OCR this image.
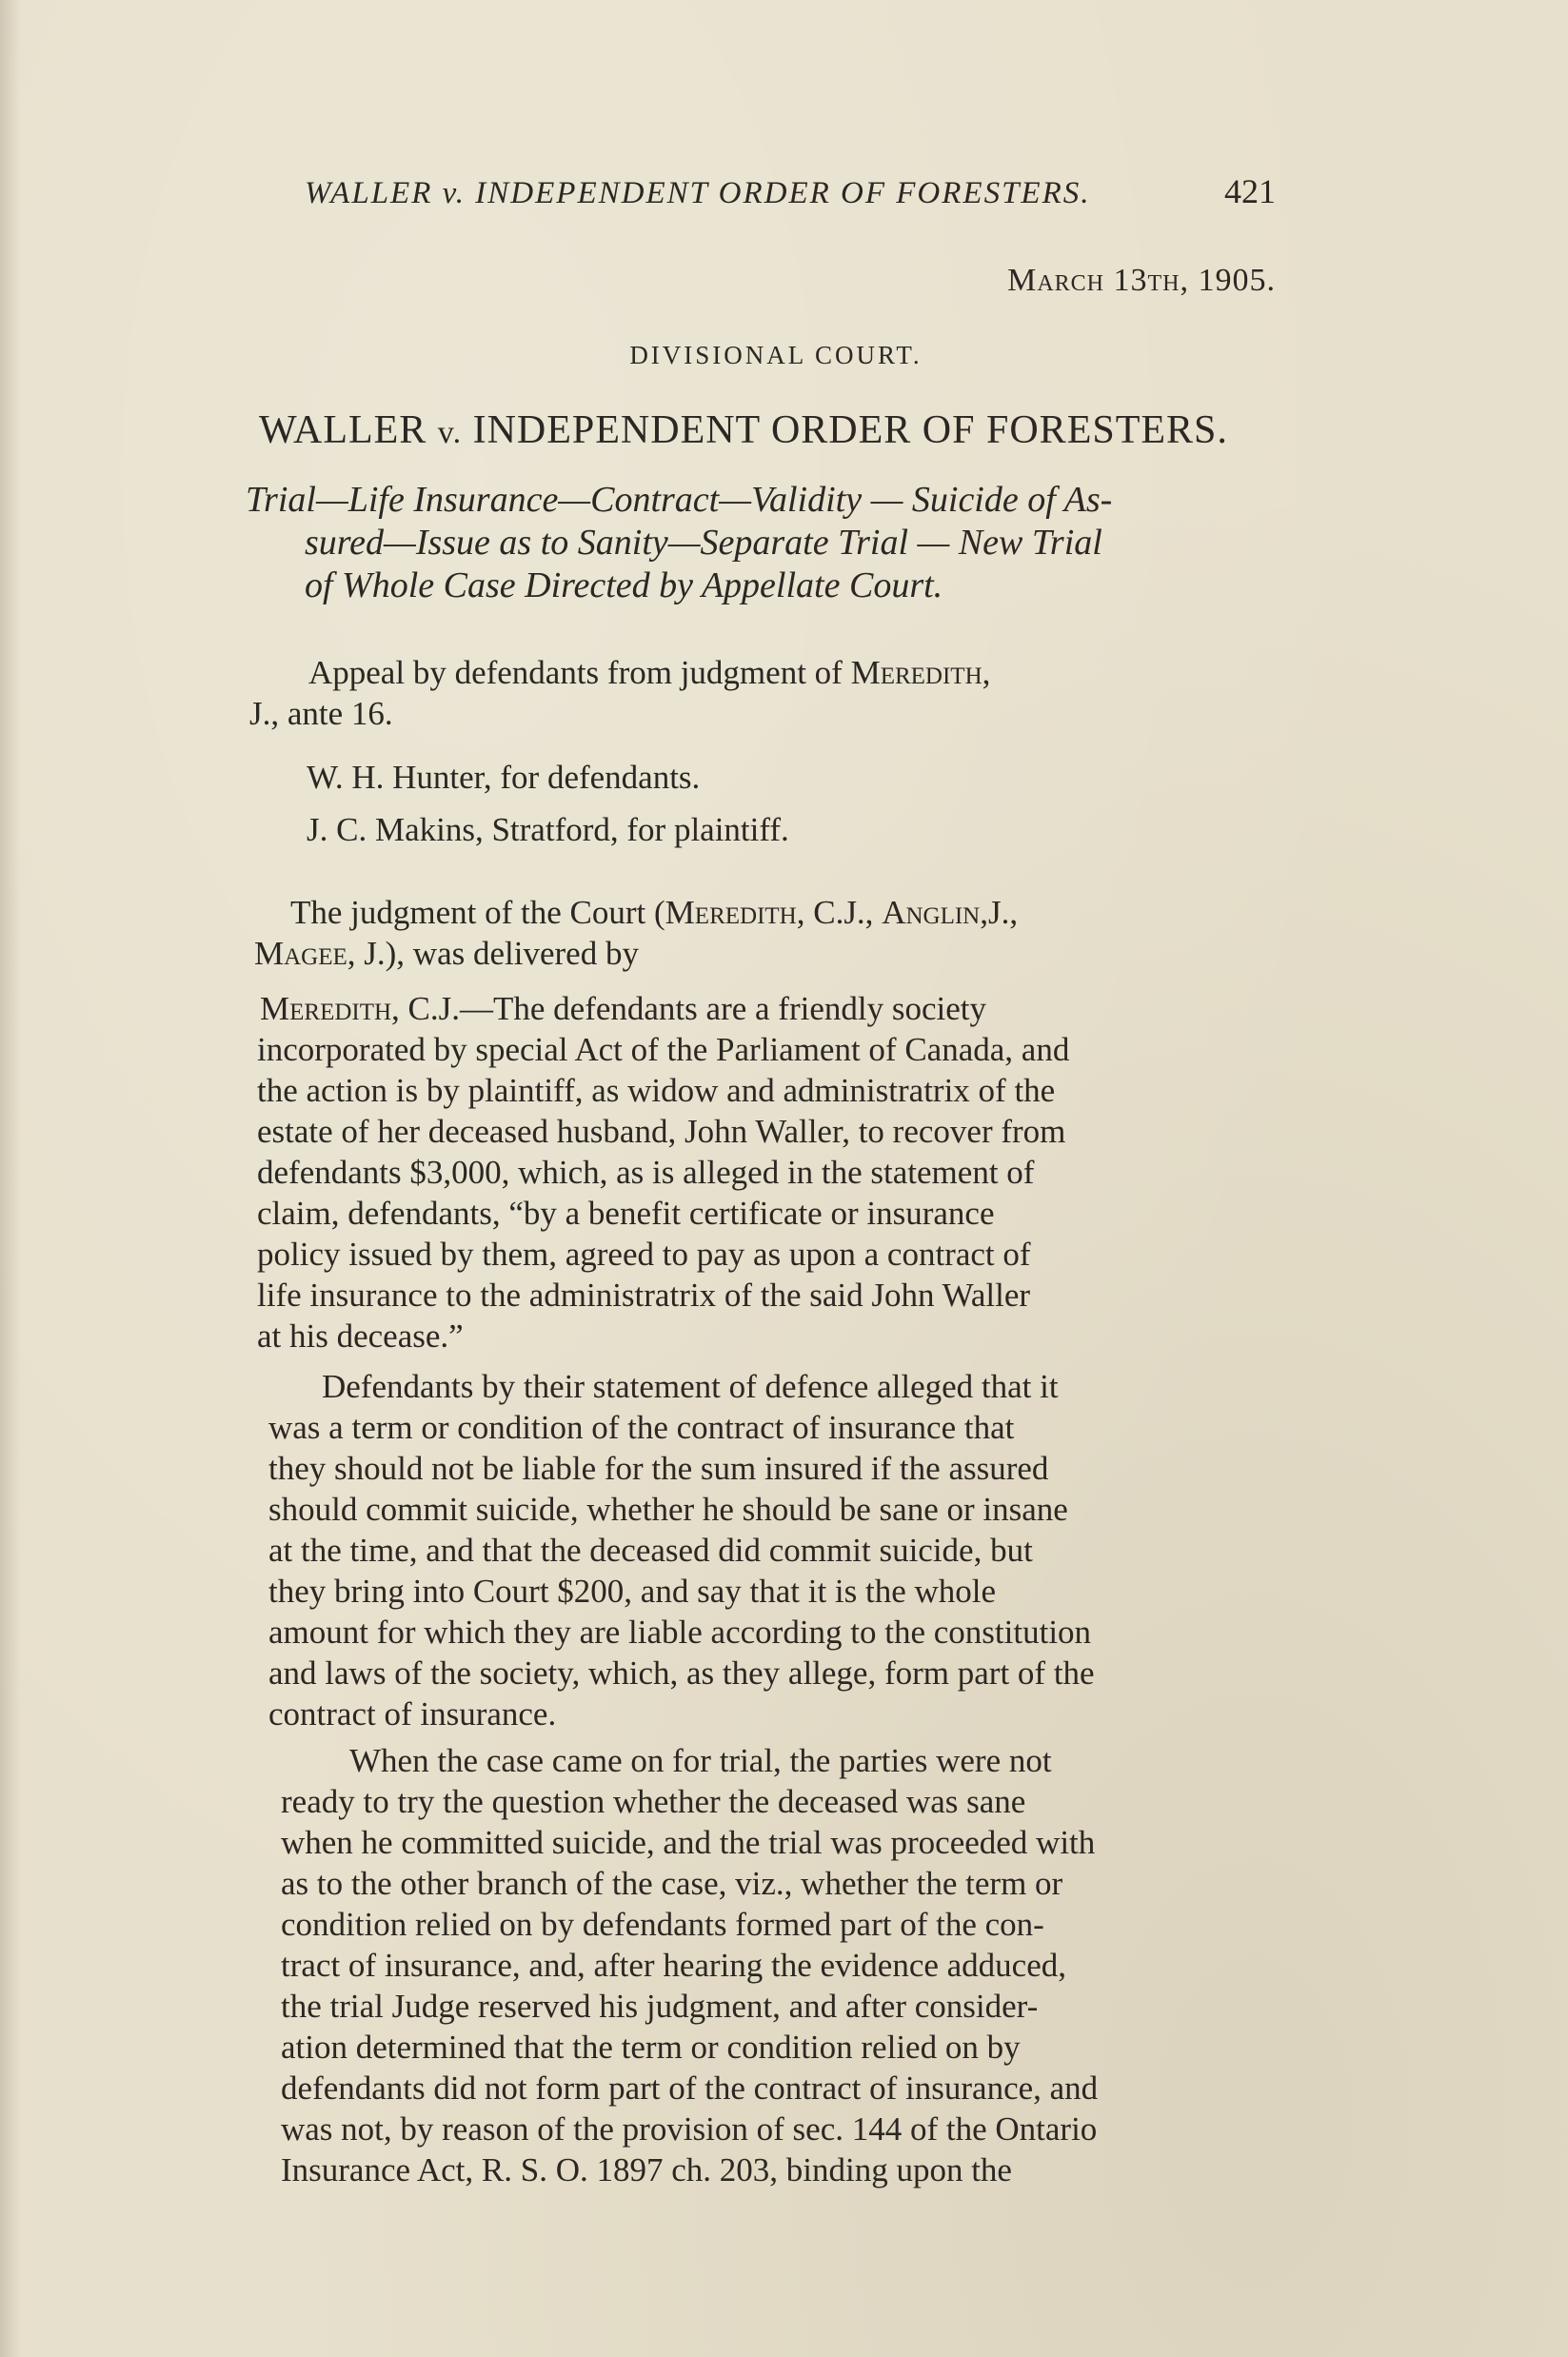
WALLER v. INDEPENDENT ORDER OF FORESTERS.	421
March 13th, 1905.
DIVISIONAL COURT.
WALLER v. INDEPENDENT ORDER OF FORESTERS.
Trial—Life Insurance—Contract—Validity — Suicide of As-
sured—Issue as to Sanity—Separate Trial — New Trial
of Whole Case Directed by Appellate Court.
Appeal by defendants from judgment of Meredith,
J., ante 16.
W. H. Hunter, for defendants.
J. C. Makins, Stratford, for plaintiff.
The judgment of the Court (Meredith, C.J., Anglin,J.,
Magee, J.), was delivered by
Meredith, C.J.—The defendants are a friendly society
incorporated by special Act of the Parliament of Canada, and
the action is by plaintiff, as widow and administratrix of the
estate of her deceased husband, John Waller, to recover from
defendants $3,000, which, as is alleged in the statement of
claim, defendants, “by a benefit certificate or insurance
policy issued by them, agreed to pay as upon a contract of
life insurance to the administratrix of the said John Waller
at his decease.”
Defendants by their statement of defence alleged that it
was a term or condition of the contract of insurance that
they should not be liable for the sum insured if the assured
should commit suicide, whether he should be sane or insane
at the time, and that the deceased did commit suicide, but
they bring into Court $200, and say that it is the whole
amount for which they are liable according to the constitution
and laws of the society, which, as they allege, form part of the
contract of insurance.
When the case came on for trial, the parties were not
ready to try the question whether the deceased was sane
when he committed suicide, and the trial was proceeded with
as to the other branch of the case, viz., whether the term or
condition relied on by defendants formed part of the con-
tract of insurance, and, after hearing the evidence adduced,
the trial Judge reserved his judgment, and after consider-
ation determined that the term or condition relied on by
defendants did not form part of the contract of insurance, and
was not, by reason of the provision of sec. 144 of the Ontario
Insurance Act, R. S. O. 1897 ch. 203, binding upon the
